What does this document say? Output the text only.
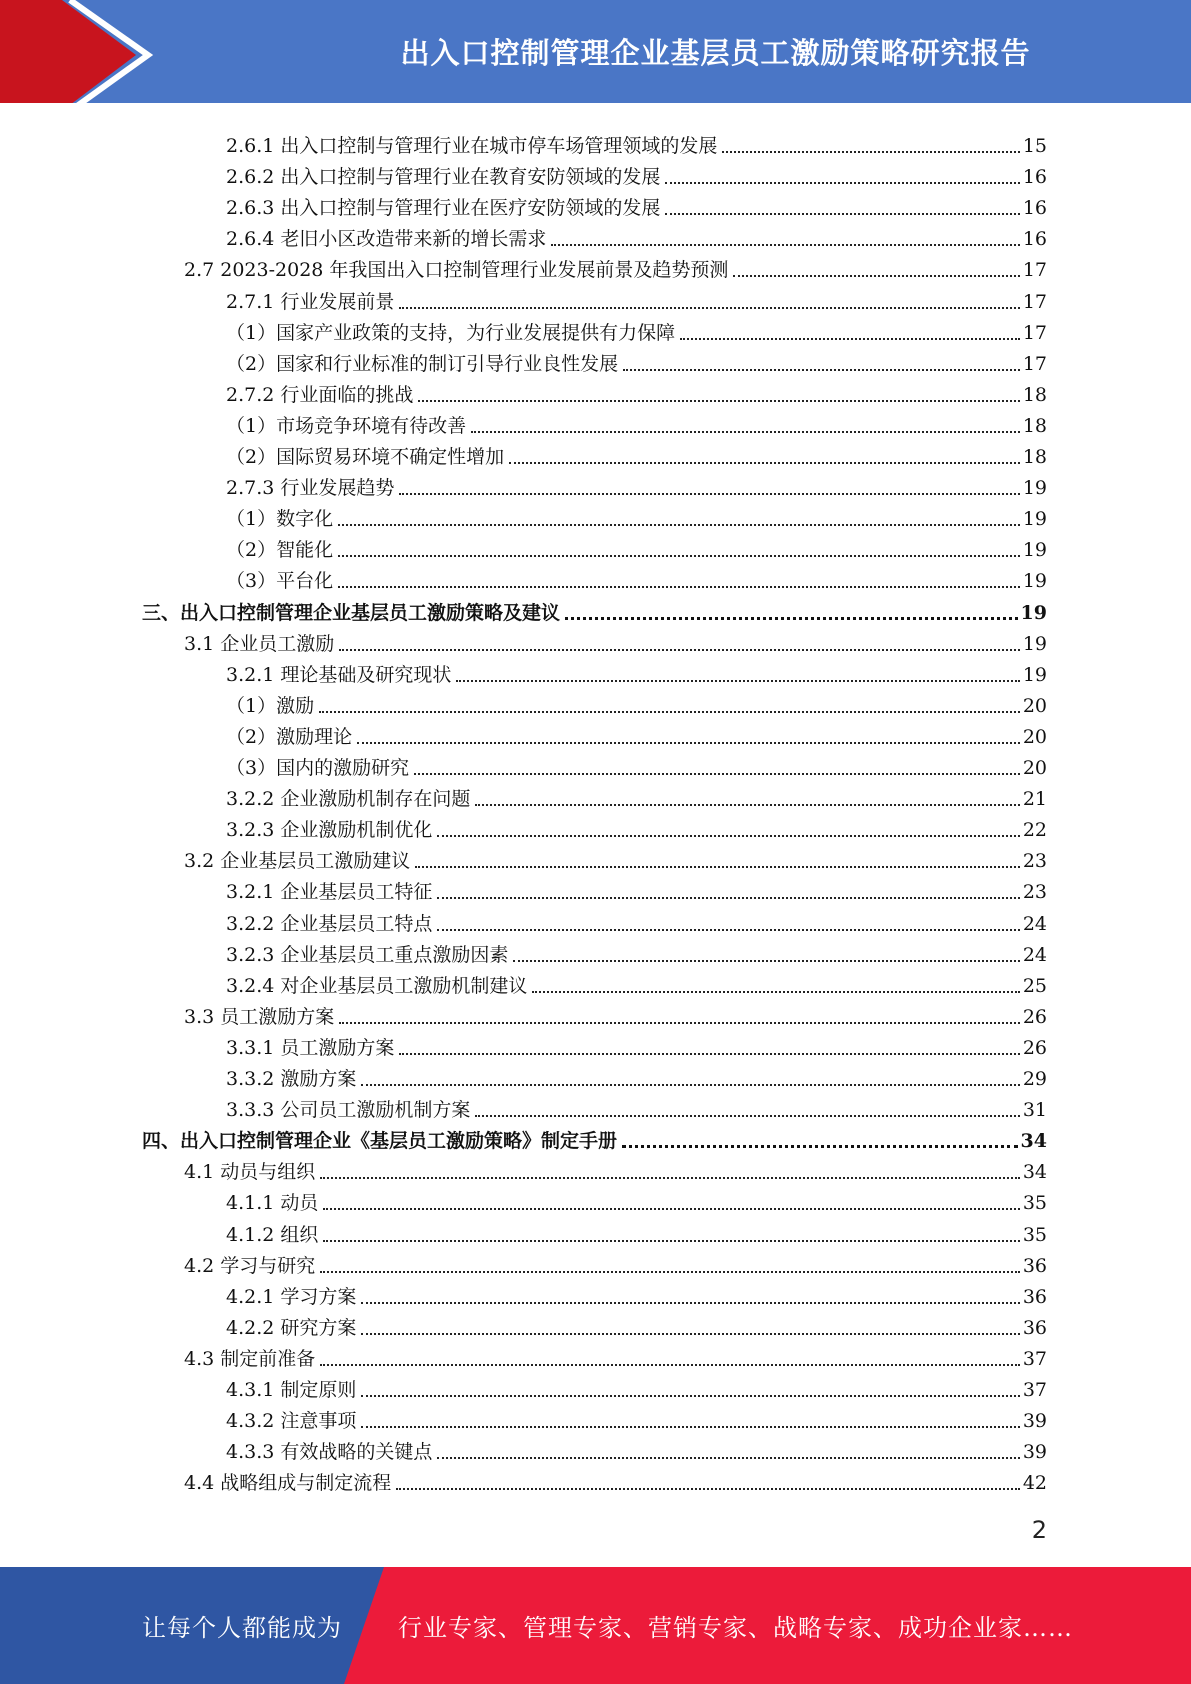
出入口控制管理企业基层员工激励策略研究报告
2.6.1 出入口控制与管理行业在城市停车场管理领域的发展	15
2.6.2 出入口控制与管理行业在教育安防领域的发展	16
2.6.3 出入口控制与管理行业在医疗安防领域的发展	16
2.6.4 老旧小区改造带来新的增长需求	16
2.7 2023-2028 年我国出入口控制管理行业发展前景及趋势预测	17
2.7.1 行业发展前景	17
（1）国家产业政策的支持，为行业发展提供有力保障	17
（2）国家和行业标准的制订引导行业良性发展	17
2.7.2 行业面临的挑战	18
（1）市场竞争环境有待改善	18
（2）国际贸易环境不确定性增加	18
2.7.3 行业发展趋势	19
（1）数字化	19
（2）智能化	19
（3）平台化	19
三、出入口控制管理企业基层员工激励策略及建议	19
3.1 企业员工激励	19
3.2.1 理论基础及研究现状	19
（1）激励	20
（2）激励理论	20
（3）国内的激励研究	20
3.2.2 企业激励机制存在问题	21
3.2.3 企业激励机制优化	22
3.2 企业基层员工激励建议	23
3.2.1 企业基层员工特征	23
3.2.2 企业基层员工特点	24
3.2.3 企业基层员工重点激励因素	24
3.2.4 对企业基层员工激励机制建议	25
3.3 员工激励方案	26
3.3.1 员工激励方案	26
3.3.2 激励方案	29
3.3.3 公司员工激励机制方案	31
四、出入口控制管理企业《基层员工激励策略》制定手册	34
4.1 动员与组织	34
4.1.1 动员	35
4.1.2 组织	35
4.2 学习与研究	36
4.2.1 学习方案	36
4.2.2 研究方案	36
4.3 制定前准备	37
4.3.1 制定原则	37
4.3.2 注意事项	39
4.3.3 有效战略的关键点	39
4.4 战略组成与制定流程	42
2
让每个人都能成为 行业专家、管理专家、营销专家、战略专家、成功企业家……
